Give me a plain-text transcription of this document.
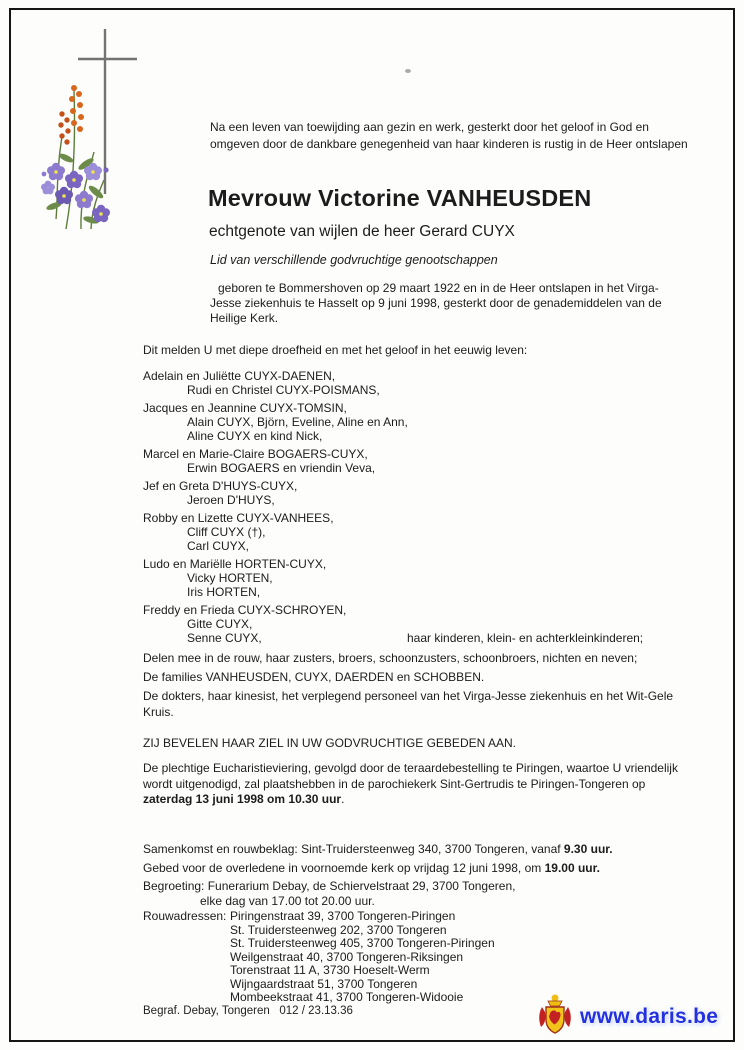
Na een leven van toewijding aan gezin en werk, gesterkt door het geloof in God en omgeven door de dankbare genegenheid van haar kinderen is rustig in de Heer ontslapen

Mevrouw Victorine VANHEUSDEN

echtgenote van wijlen de heer Gerard CUYX

Lid van verschillende godvruchtige genootschappen

geboren te Bommershoven op 29 maart 1922 en in de Heer ontslapen in het Virga-Jesse ziekenhuis te Hasselt op 9 juni 1998, gesterkt door de genademiddelen van de Heilige Kerk.

Dit melden U met diepe droefheid en met het geloof in het eeuwig leven:

Adelain en Juliëtte CUYX-DAENEN,
Rudi en Christel CUYX-POISMANS,
Jacques en Jeannine CUYX-TOMSIN,
Alain CUYX, Björn, Eveline, Aline en Ann,
Aline CUYX en kind Nick,
Marcel en Marie-Claire BOGAERS-CUYX,
Erwin BOGAERS en vriendin Veva,
Jef en Greta D'HUYS-CUYX,
Jeroen D'HUYS,
Robby en Lizette CUYX-VANHEES,
Cliff CUYX (†),
Carl CUYX,
Ludo en Mariëlle HORTEN-CUYX,
Vicky HORTEN,
Iris HORTEN,
Freddy en Frieda CUYX-SCHROYEN,
Gitte CUYX,
Senne CUYX,	haar kinderen, klein- en achterkleinkinderen;

Delen mee in de rouw, haar zusters, broers, schoonzusters, schoonbroers, nichten en neven;

De families VANHEUSDEN, CUYX, DAERDEN en SCHOBBEN.

De dokters, haar kinesist, het verplegend personeel van het Virga-Jesse ziekenhuis en het Wit-Gele Kruis.

ZIJ BEVELEN HAAR ZIEL IN UW GODVRUCHTIGE GEBEDEN AAN.

De plechtige Eucharistieviering, gevolgd door de teraardebestelling te Piringen, waartoe U vriendelijk wordt uitgenodigd, zal plaatshebben in de parochiekerk Sint-Gertrudis te Piringen-Tongeren op zaterdag 13 juni 1998 om 10.30 uur.

Samenkomst en rouwbeklag: Sint-Truidersteenweg 340, 3700 Tongeren, vanaf 9.30 uur.

Gebed voor de overledene in voornoemde kerk op vrijdag 12 juni 1998, om 19.00 uur.

Begroeting: Funerarium Debay, de Schiervelstraat 29, 3700 Tongeren,
elke dag van 17.00 tot 20.00 uur.

Rouwadressen: Piringenstraat 39, 3700 Tongeren-Piringen
St. Truidersteenweg 202, 3700 Tongeren
St. Truidersteenweg 405, 3700 Tongeren-Piringen
Weilgenstraat 40, 3700 Tongeren-Riksingen
Torenstraat 11 A, 3730 Hoeselt-Werm
Wijngaardstraat 51, 3700 Tongeren
Mombeekstraat 41, 3700 Tongeren-Widooie

Begraf. Debay, Tongeren   012 / 23.13.36	www.daris.be
